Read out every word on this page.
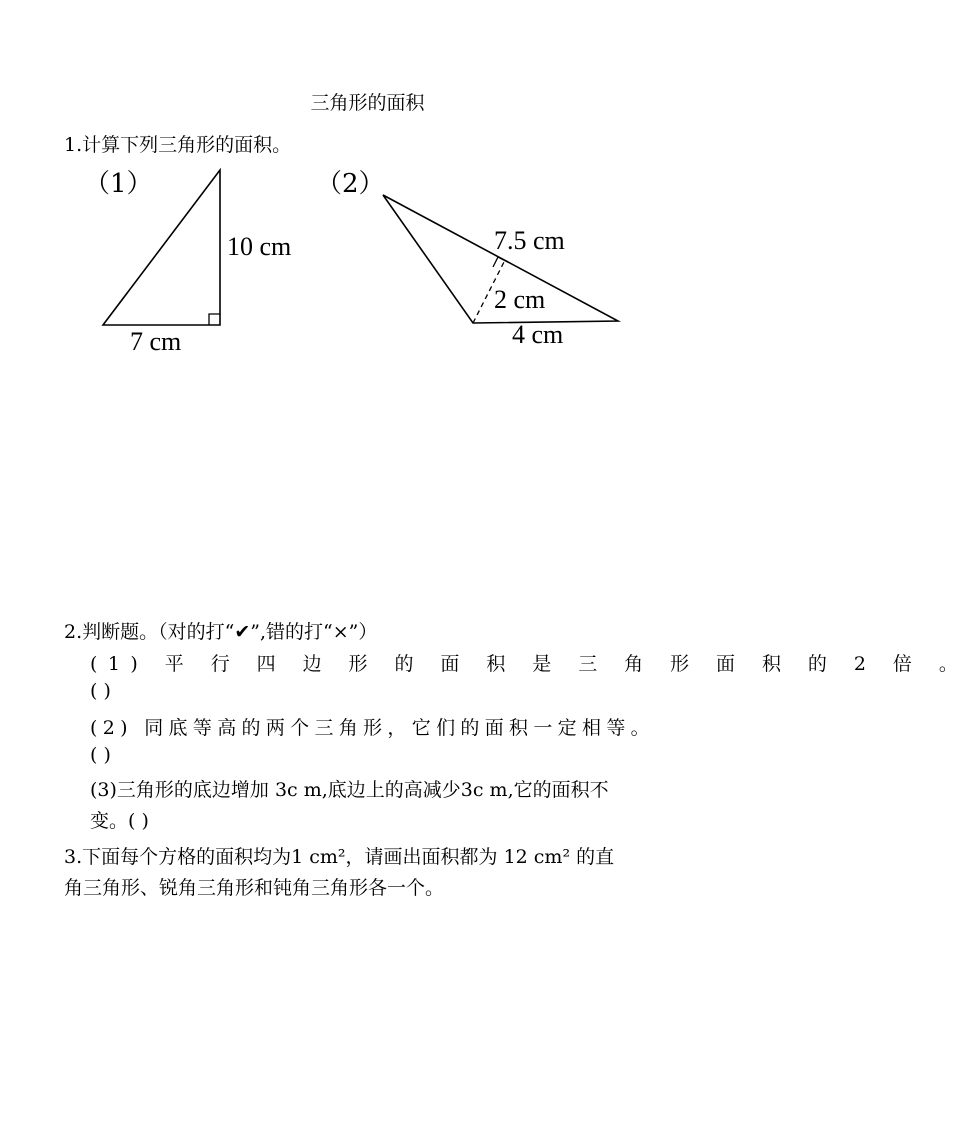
三角形的面积
1.计算下列三角形的面积。
（1）
10 cm
7 cm
（2）
7.5 cm
2 cm
4 cm
2.判断题。（对的打“✔”,错的打“×”）
(1) 平 行 四 边 形 的 面 积 是 三 角 形 面 积 的 2 倍 。
( )
(2) 同底等高的两个三角形，它们的面积一定相等。
( )
(3)三角形的底边增加 3c m,底边上的高减少3c m,它的面积不
变。( )
3.下面每个方格的面积均为1 cm²，请画出面积都为 12 cm² 的直
角三角形、锐角三角形和钝角三角形各一个。
